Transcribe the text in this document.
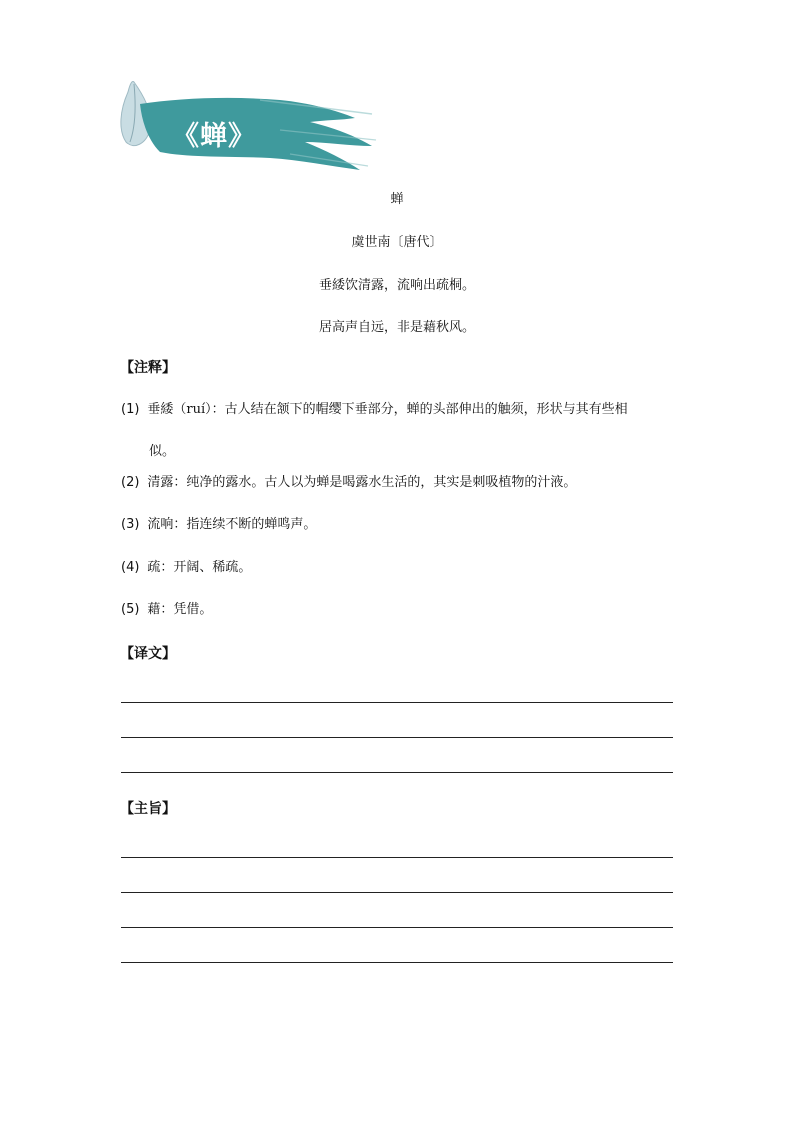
《蝉》
蝉
虞世南〔唐代〕
垂緌饮清露，流响出疏桐。
居高声自远，非是藉秋风。
【注释】
(1) 垂緌（ruí）：古人结在颔下的帽缨下垂部分，蝉的头部伸出的触须，形状与其有些相
似。
(2) 清露：纯净的露水。古人以为蝉是喝露水生活的，其实是刺吸植物的汁液。
(3) 流响：指连续不断的蝉鸣声。
(4) 疏：开阔、稀疏。
(5) 藉：凭借。
【译文】
【主旨】
